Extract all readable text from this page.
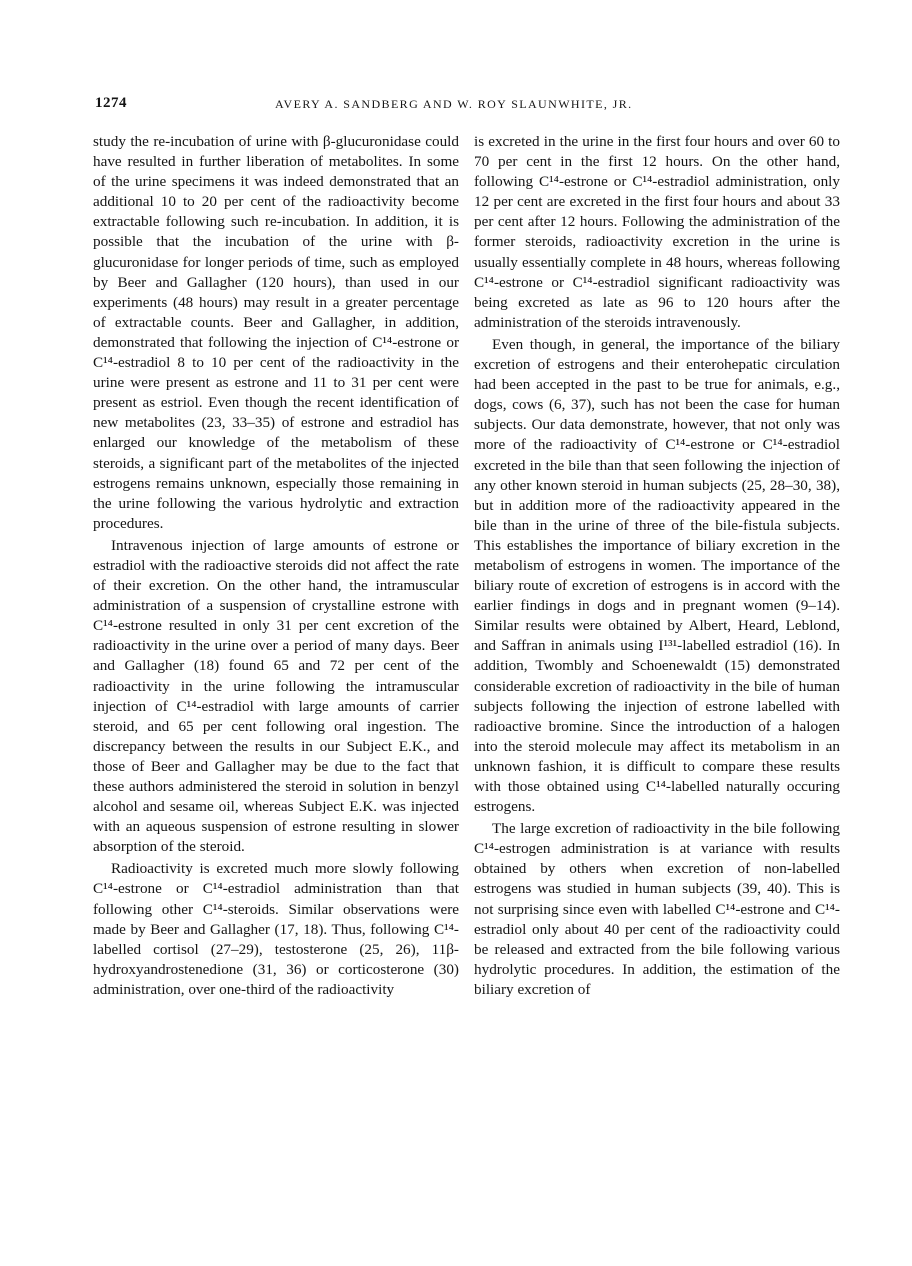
1274	AVERY A. SANDBERG AND W. ROY SLAUNWHITE, JR.

study the re-incubation of urine with β-glucuronidase could have resulted in further liberation of metabolites. In some of the urine specimens it was indeed demonstrated that an additional 10 to 20 per cent of the radioactivity become extractable following such re-incubation. In addition, it is possible that the incubation of the urine with β-glucuronidase for longer periods of time, such as employed by Beer and Gallagher (120 hours), than used in our experiments (48 hours) may result in a greater percentage of extractable counts. Beer and Gallagher, in addition, demonstrated that following the injection of C¹⁴-estrone or C¹⁴-estradiol 8 to 10 per cent of the radioactivity in the urine were present as estrone and 11 to 31 per cent were present as estriol. Even though the recent identification of new metabolites (23, 33–35) of estrone and estradiol has enlarged our knowledge of the metabolism of these steroids, a significant part of the metabolites of the injected estrogens remains unknown, especially those remaining in the urine following the various hydrolytic and extraction procedures.

Intravenous injection of large amounts of estrone or estradiol with the radioactive steroids did not affect the rate of their excretion. On the other hand, the intramuscular administration of a suspension of crystalline estrone with C¹⁴-estrone resulted in only 31 per cent excretion of the radioactivity in the urine over a period of many days. Beer and Gallagher (18) found 65 and 72 per cent of the radioactivity in the urine following the intramuscular injection of C¹⁴-estradiol with large amounts of carrier steroid, and 65 per cent following oral ingestion. The discrepancy between the results in our Subject E.K., and those of Beer and Gallagher may be due to the fact that these authors administered the steroid in solution in benzyl alcohol and sesame oil, whereas Subject E.K. was injected with an aqueous suspension of estrone resulting in slower absorption of the steroid.

Radioactivity is excreted much more slowly following C¹⁴-estrone or C¹⁴-estradiol administration than that following other C¹⁴-steroids. Similar observations were made by Beer and Gallagher (17, 18). Thus, following C¹⁴-labelled cortisol (27–29), testosterone (25, 26), 11β-hydroxyandrostenedione (31, 36) or corticosterone (30) administration, over one-third of the radioactivity

is excreted in the urine in the first four hours and over 60 to 70 per cent in the first 12 hours. On the other hand, following C¹⁴-estrone or C¹⁴-estradiol administration, only 12 per cent are excreted in the first four hours and about 33 per cent after 12 hours. Following the administration of the former steroids, radioactivity excretion in the urine is usually essentially complete in 48 hours, whereas following C¹⁴-estrone or C¹⁴-estradiol significant radioactivity was being excreted as late as 96 to 120 hours after the administration of the steroids intravenously.

Even though, in general, the importance of the biliary excretion of estrogens and their enterohepatic circulation had been accepted in the past to be true for animals, e.g., dogs, cows (6, 37), such has not been the case for human subjects. Our data demonstrate, however, that not only was more of the radioactivity of C¹⁴-estrone or C¹⁴-estradiol excreted in the bile than that seen following the injection of any other known steroid in human subjects (25, 28–30, 38), but in addition more of the radioactivity appeared in the bile than in the urine of three of the bile-fistula subjects. This establishes the importance of biliary excretion in the metabolism of estrogens in women. The importance of the biliary route of excretion of estrogens is in accord with the earlier findings in dogs and in pregnant women (9–14). Similar results were obtained by Albert, Heard, Leblond, and Saffran in animals using I¹³¹-labelled estradiol (16). In addition, Twombly and Schoenewaldt (15) demonstrated considerable excretion of radioactivity in the bile of human subjects following the injection of estrone labelled with radioactive bromine. Since the introduction of a halogen into the steroid molecule may affect its metabolism in an unknown fashion, it is difficult to compare these results with those obtained using C¹⁴-labelled naturally occuring estrogens.

The large excretion of radioactivity in the bile following C¹⁴-estrogen administration is at variance with results obtained by others when excretion of non-labelled estrogens was studied in human subjects (39, 40). This is not surprising since even with labelled C¹⁴-estrone and C¹⁴-estradiol only about 40 per cent of the radioactivity could be released and extracted from the bile following various hydrolytic procedures. In addition, the estimation of the biliary excretion of
